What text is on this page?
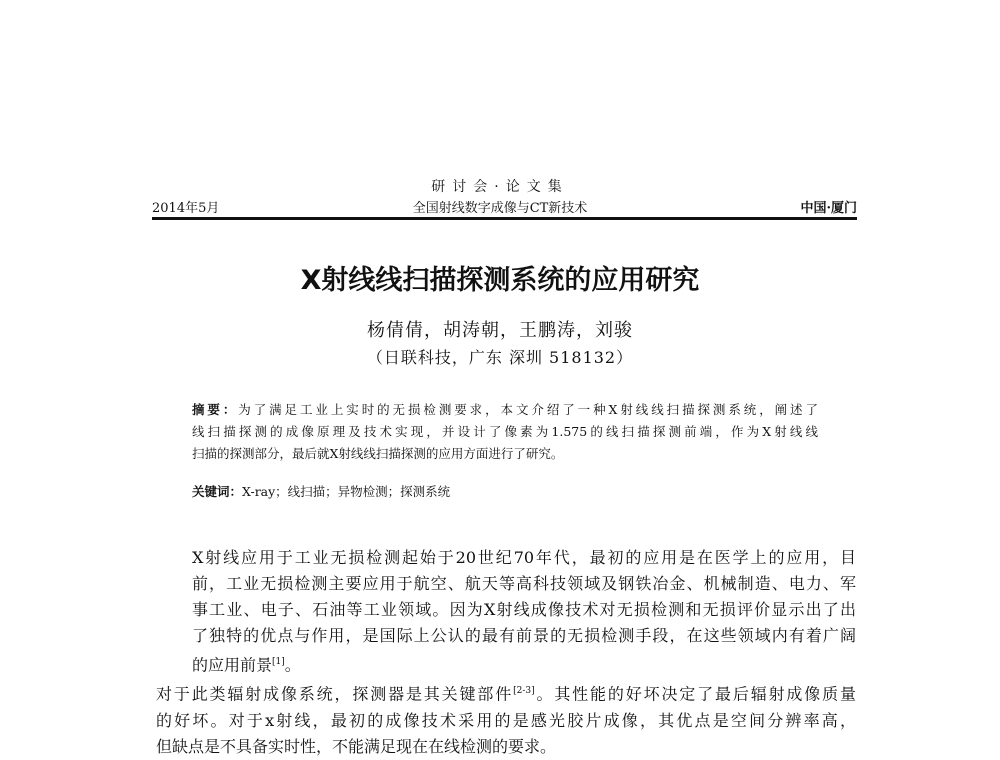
研讨会·论文集
全国射线数字成像与CT新技术
2014年5月	中国·厦门
X射线线扫描探测系统的应用研究
杨倩倩，胡涛朝，王鹏涛，刘骏
（日联科技，广东 深圳 518132）
摘要：为了满足工业上实时的无损检测要求，本文介绍了一种X射线线扫描探测系统，阐述了
线扫描探测的成像原理及技术实现，并设计了像素为1.575的线扫描探测前端，作为X射线线
扫描的探测部分，最后就X射线线扫描探测的应用方面进行了研究。
关键词：X-ray；线扫描；异物检测；探测系统

X射线应用于工业无损检测起始于20世纪70年代，最初的应用是在医学上的应用，目
前，工业无损检测主要应用于航空、航天等高科技领域及钢铁冶金、机械制造、电力、军
事工业、电子、石油等工业领域。因为X射线成像技术对无损检测和无损评价显示出了出
了独特的优点与作用，是国际上公认的最有前景的无损检测手段，在这些领域内有着广阔
的应用前景[1]。

对于此类辐射成像系统，探测器是其关键部件[2-3]。其性能的好坏决定了最后辐射成像质量
的好坏。对于x射线，最初的成像技术采用的是感光胶片成像，其优点是空间分辨率高，
但缺点是不具备实时性，不能满足现在在线检测的要求。
